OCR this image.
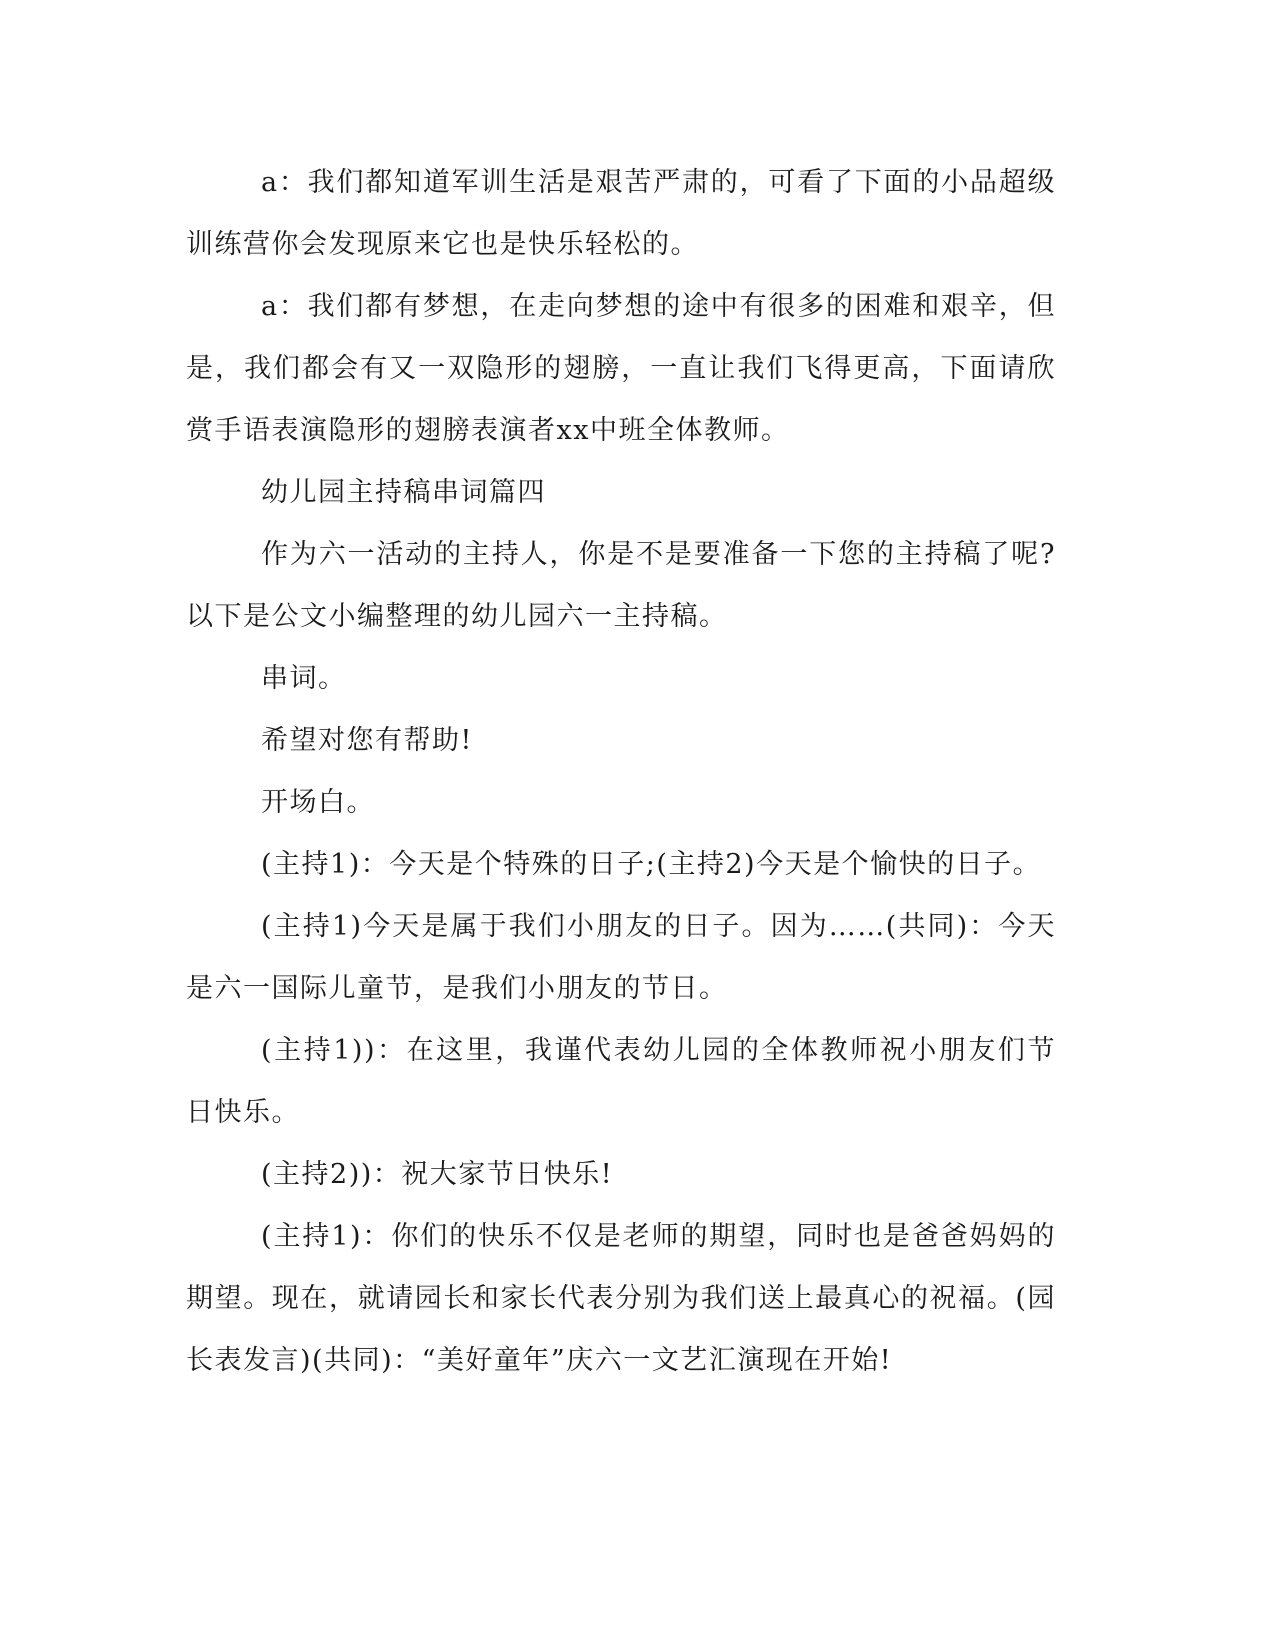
a：我们都知道军训生活是艰苦严肃的，可看了下面的小品超级训练营你会发现原来它也是快乐轻松的。

a：我们都有梦想，在走向梦想的途中有很多的困难和艰辛，但是，我们都会有又一双隐形的翅膀，一直让我们飞得更高，下面请欣赏手语表演隐形的翅膀表演者xx中班全体教师。

幼儿园主持稿串词篇四

作为六一活动的主持人，你是不是要准备一下您的主持稿了呢?以下是公文小编整理的幼儿园六一主持稿。

串词。

希望对您有帮助!

开场白。

(主持1)：今天是个特殊的日子;(主持2)今天是个愉快的日子。

(主持1)今天是属于我们小朋友的日子。因为……(共同)：今天是六一国际儿童节，是我们小朋友的节日。

(主持1))：在这里，我谨代表幼儿园的全体教师祝小朋友们节日快乐。

(主持2))：祝大家节日快乐!

(主持1)：你们的快乐不仅是老师的期望，同时也是爸爸妈妈的期望。现在，就请园长和家长代表分别为我们送上最真心的祝福。(园长表发言)(共同)：“美好童年”庆六一文艺汇演现在开始!
